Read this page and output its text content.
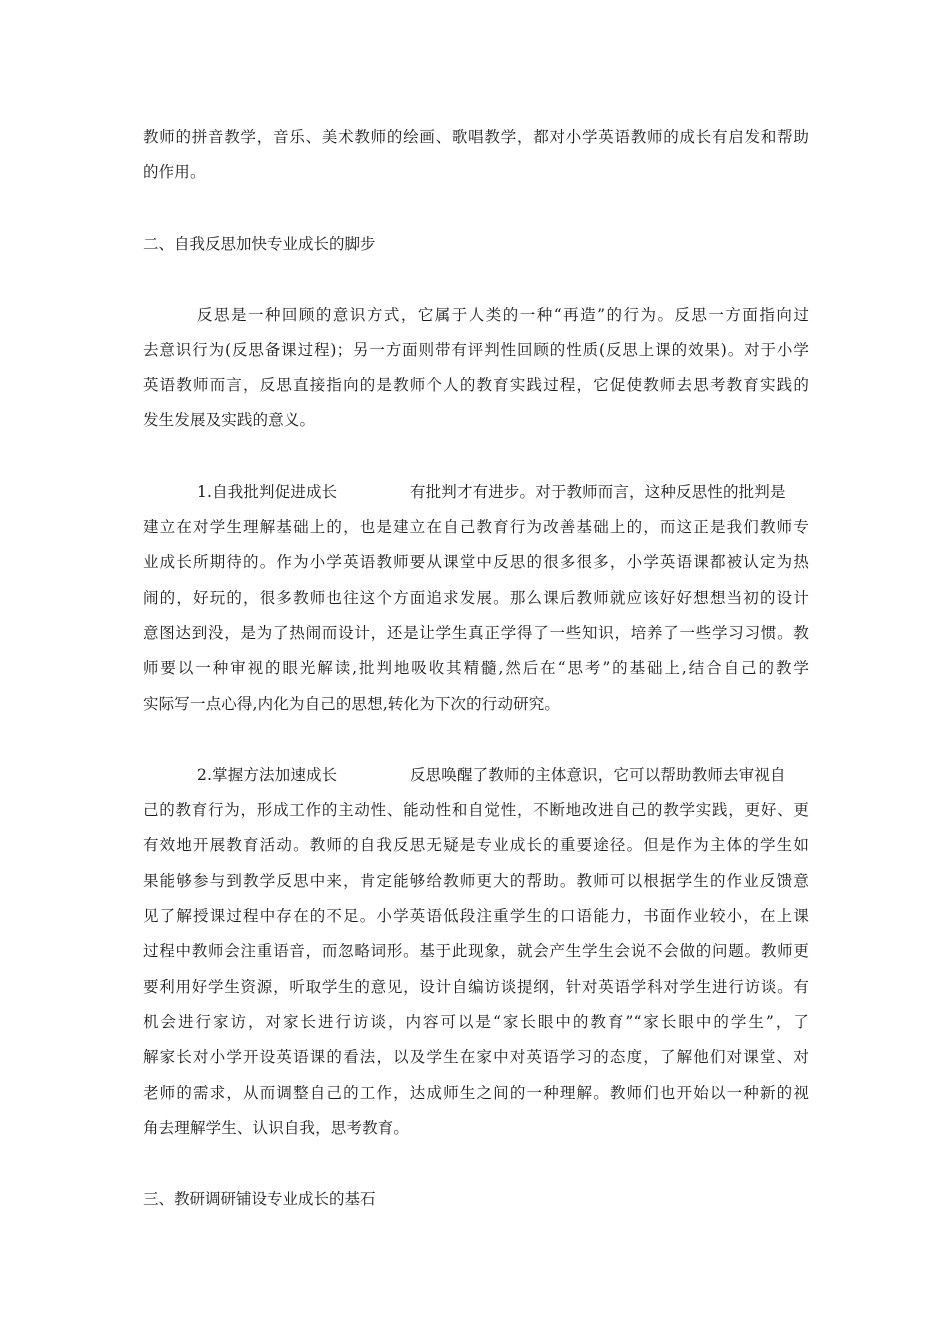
教师的拼音教学，音乐、美术教师的绘画、歌唱教学，都对小学英语教师的成长有启发和帮助
的作用。
二、自我反思加快专业成长的脚步
反思是一种回顾的意识方式，它属于人类的一种“再造”的行为。反思一方面指向过
去意识行为(反思备课过程)；另一方面则带有评判性回顾的性质(反思上课的效果)。对于小学
英语教师而言，反思直接指向的是教师个人的教育实践过程，它促使教师去思考教育实践的
发生发展及实践的意义。
1.自我批判促进成长	有批判才有进步。对于教师而言，这种反思性的批判是
建立在对学生理解基础上的，也是建立在自己教育行为改善基础上的，而这正是我们教师专
业成长所期待的。作为小学英语教师要从课堂中反思的很多很多，小学英语课都被认定为热
闹的，好玩的，很多教师也往这个方面追求发展。那么课后教师就应该好好想想当初的设计
意图达到没，是为了热闹而设计，还是让学生真正学得了一些知识，培养了一些学习习惯。教
师要以一种审视的眼光解读,批判地吸收其精髓,然后在“思考”的基础上,结合自己的教学
实际写一点心得,内化为自己的思想,转化为下次的行动研究。
2.掌握方法加速成长	反思唤醒了教师的主体意识，它可以帮助教师去审视自
己的教育行为，形成工作的主动性、能动性和自觉性，不断地改进自己的教学实践，更好、更
有效地开展教育活动。教师的自我反思无疑是专业成长的重要途径。但是作为主体的学生如
果能够参与到教学反思中来，肯定能够给教师更大的帮助。教师可以根据学生的作业反馈意
见了解授课过程中存在的不足。小学英语低段注重学生的口语能力，书面作业较小，在上课
过程中教师会注重语音，而忽略词形。基于此现象，就会产生学生会说不会做的问题。教师更
要利用好学生资源，听取学生的意见，设计自编访谈提纲，针对英语学科对学生进行访谈。有
机会进行家访，对家长进行访谈，内容可以是“家长眼中的教育”“家长眼中的学生”，了
解家长对小学开设英语课的看法，以及学生在家中对英语学习的态度，了解他们对课堂、对
老师的需求，从而调整自己的工作，达成师生之间的一种理解。教师们也开始以一种新的视
角去理解学生、认识自我，思考教育。
三、教研调研铺设专业成长的基石
